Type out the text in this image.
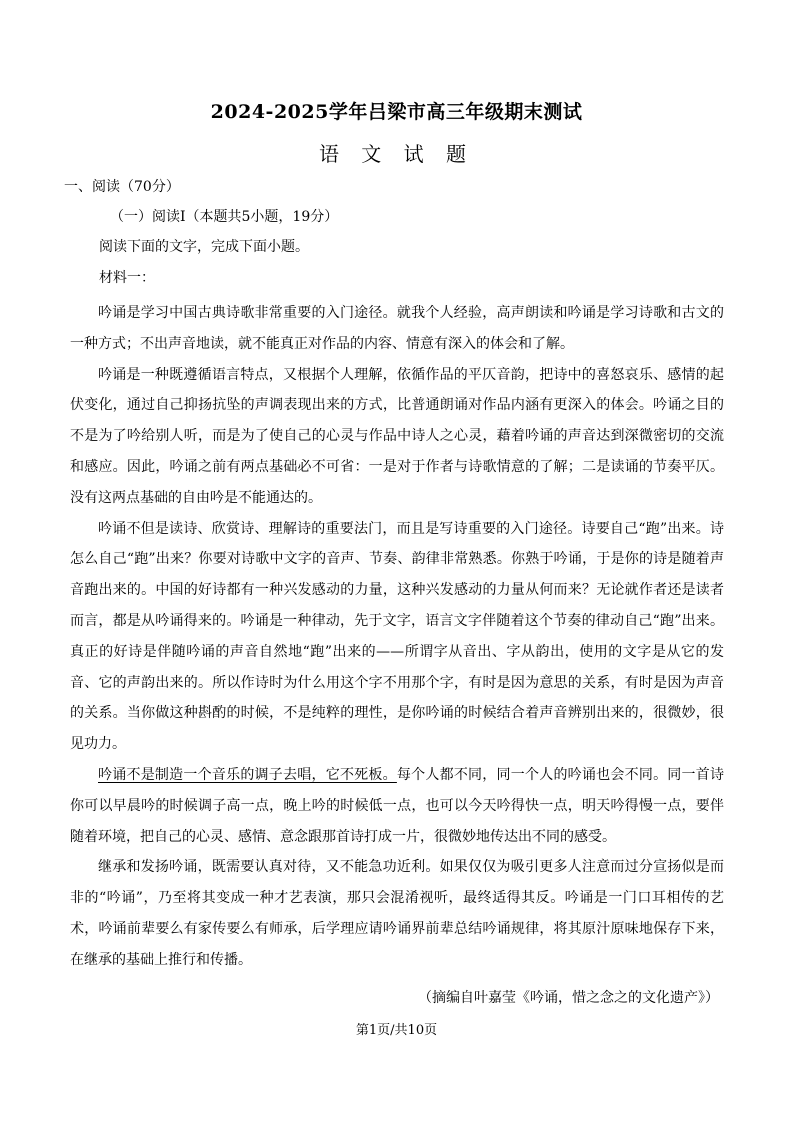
2024-2025学年吕梁市高三年级期末测试
语 文 试 题
一、阅读（70分）
（一）阅读Ⅰ（本题共5小题，19分）
阅读下面的文字，完成下面小题。
材料一：

吟诵是学习中国古典诗歌非常重要的入门途径。就我个人经验，高声朗读和吟诵是学习诗歌和古文的一种方式；不出声音地读，就不能真正对作品的内容、情意有深入的体会和了解。

吟诵是一种既遵循语言特点，又根据个人理解，依循作品的平仄音韵，把诗中的喜怒哀乐、感情的起伏变化，通过自己抑扬抗坠的声调表现出来的方式，比普通朗诵对作品内涵有更深入的体会。吟诵之目的不是为了吟给别人听，而是为了使自己的心灵与作品中诗人之心灵，藉着吟诵的声音达到深微密切的交流和感应。因此，吟诵之前有两点基础必不可省：一是对于作者与诗歌情意的了解；二是读诵的节奏平仄。没有这两点基础的自由吟是不能通达的。

吟诵不但是读诗、欣赏诗、理解诗的重要法门，而且是写诗重要的入门途径。诗要自己“跑”出来。诗怎么自己“跑”出来？你要对诗歌中文字的音声、节奏、韵律非常熟悉。你熟于吟诵，于是你的诗是随着声音跑出来的。中国的好诗都有一种兴发感动的力量，这种兴发感动的力量从何而来？无论就作者还是读者而言，都是从吟诵得来的。吟诵是一种律动，先于文字，语言文字伴随着这个节奏的律动自己“跑”出来。真正的好诗是伴随吟诵的声音自然地“跑”出来的——所谓字从音出、字从韵出，使用的文字是从它的发音、它的声韵出来的。所以作诗时为什么用这个字不用那个字，有时是因为意思的关系，有时是因为声音的关系。当你做这种斟酌的时候，不是纯粹的理性，是你吟诵的时候结合着声音辨别出来的，很微妙，很见功力。

吟诵不是制造一个音乐的调子去唱，它不死板。每个人都不同，同一个人的吟诵也会不同。同一首诗你可以早晨吟的时候调子高一点，晚上吟的时候低一点，也可以今天吟得快一点，明天吟得慢一点，要伴随着环境，把自己的心灵、感情、意念跟那首诗打成一片，很微妙地传达出不同的感受。

继承和发扬吟诵，既需要认真对待，又不能急功近利。如果仅仅为吸引更多人注意而过分宣扬似是而非的“吟诵”，乃至将其变成一种才艺表演，那只会混淆视听，最终适得其反。吟诵是一门口耳相传的艺术，吟诵前辈要么有家传要么有师承，后学理应请吟诵界前辈总结吟诵规律，将其原汁原味地保存下来，在继承的基础上推行和传播。

（摘编自叶嘉莹《吟诵，惜之念之的文化遗产》）
第1页/共10页
